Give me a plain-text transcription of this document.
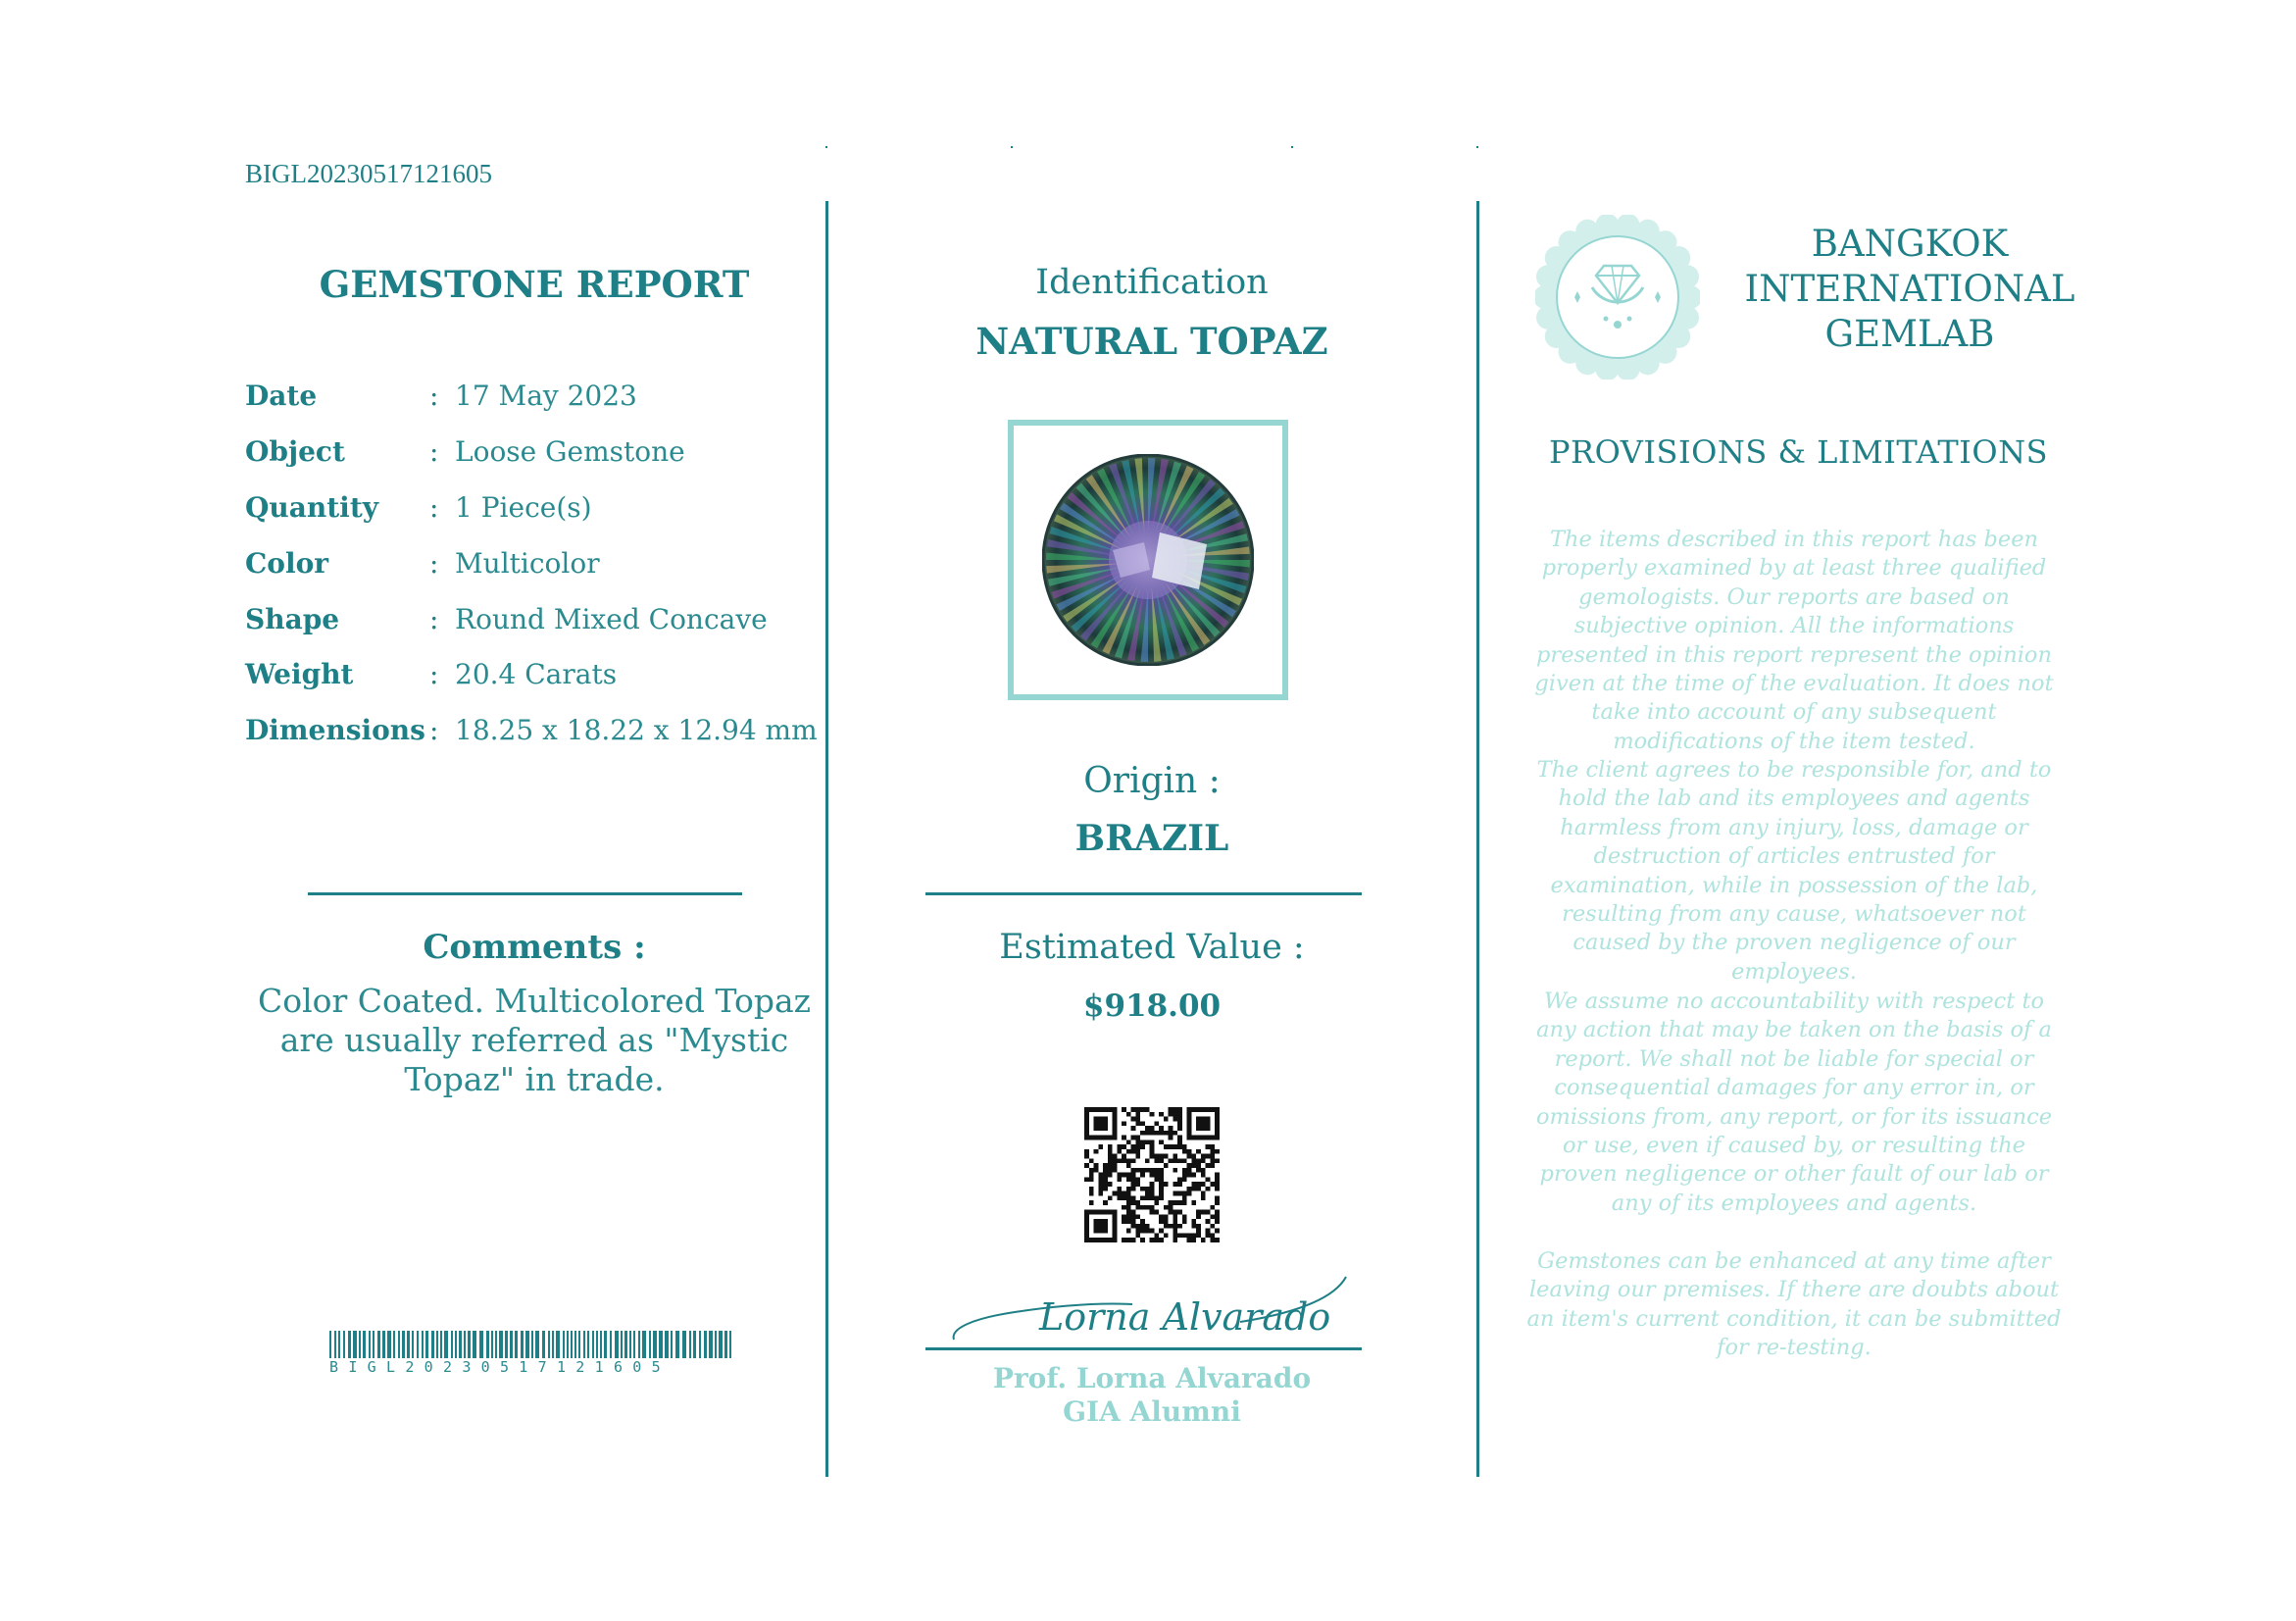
BIGL20230517121605
GEMSTONE REPORT
Date	: 17 May 2023
Object	: Loose Gemstone
Quantity : 1 Piece(s)
Color	: Multicolor
Shape	: Round Mixed Concave
Weight	: 20.4 Carats
Dimensions : 18.25 x 18.22 x 12.94 mm
Comments :
Color Coated. Multicolored Topaz are usually referred as "Mystic Topaz" in trade.
BIGL20230517121605
Identification
NATURAL TOPAZ
Origin :
BRAZIL
Estimated Value :
$918.00
Lorna Alvarado
Prof. Lorna Alvarado
GIA Alumni
BANGKOK
INTERNATIONAL
GEMLAB
PROVISIONS & LIMITATIONS
The items described in this report has been properly examined by at least three qualified gemologists. Our reports are based on subjective opinion. All the informations presented in this report represent the opinion given at the time of the evaluation. It does not take into account of any subsequent modifications of the item tested.
The client agrees to be responsible for, and to hold the lab and its employees and agents harmless from any injury, loss, damage or destruction of articles entrusted for examination, while in possession of the lab, resulting from any cause, whatsoever not caused by the proven negligence of our employees.
We assume no accountability with respect to any action that may be taken on the basis of a report. We shall not be liable for special or consequential damages for any error in, or omissions from, any report, or for its issuance or use, even if caused by, or resulting the proven negligence or other fault of our lab or any of its employees and agents.
Gemstones can be enhanced at any time after leaving our premises. If there are doubts about an item's current condition, it can be submitted for re-testing.
